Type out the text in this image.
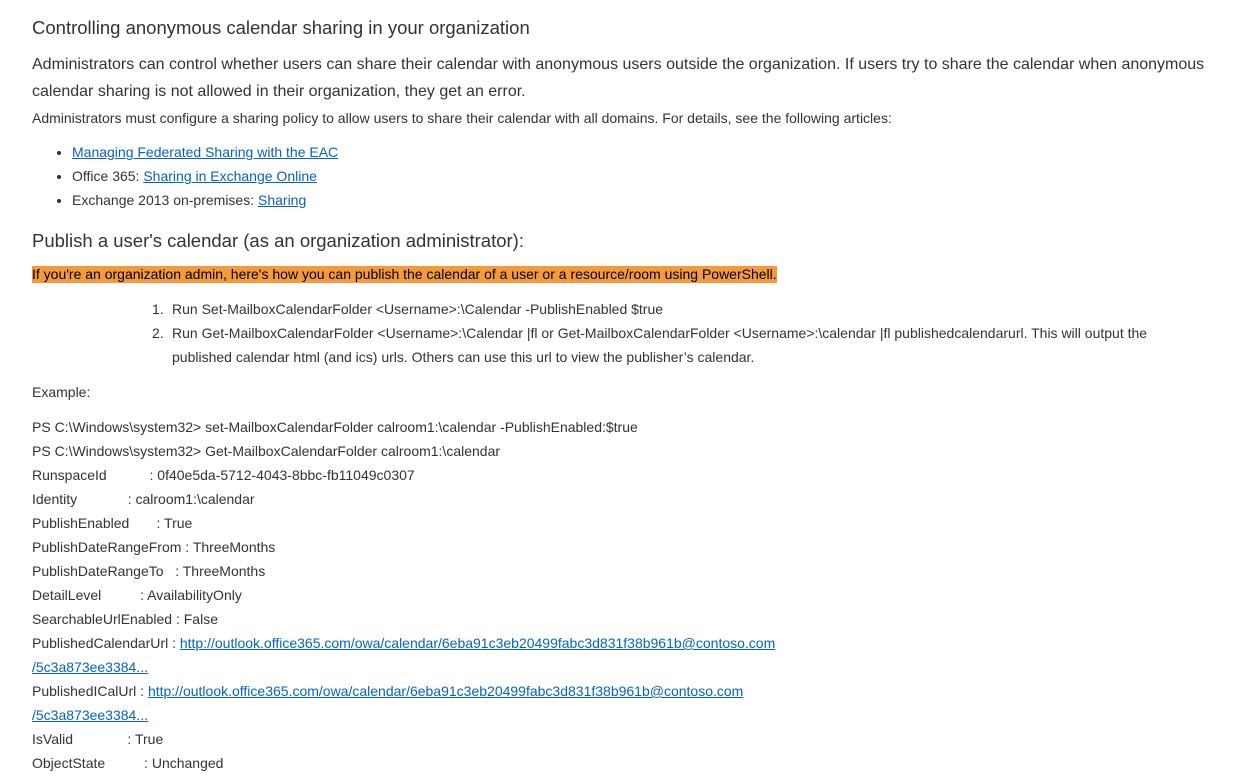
Controlling anonymous calendar sharing in your organization

Administrators can control whether users can share their calendar with anonymous users outside the organization. If users try to share the calendar when anonymous calendar sharing is not allowed in their organization, they get an error.

Administrators must configure a sharing policy to allow users to share their calendar with all domains. For details, see the following articles:

• Managing Federated Sharing with the EAC
• Office 365: Sharing in Exchange Online
• Exchange 2013 on-premises: Sharing
Publish a user's calendar (as an organization administrator):
If you're an organization admin, here's how you can publish the calendar of a user or a resource/room using PowerShell.
1. Run Set-MailboxCalendarFolder <Username>:\Calendar -PublishEnabled $true
2. Run Get-MailboxCalendarFolder <Username>:\Calendar |fl or Get-MailboxCalendarFolder <Username>:\calendar |fl publishedcalendarurl. This will output the published calendar html (and ics) urls. Others can use this url to view the publisher’s calendar.

Example:

PS C:\Windows\system32> set-MailboxCalendarFolder calroom1:\calendar -PublishEnabled:$true
PS C:\Windows\system32> Get-MailboxCalendarFolder calroom1:\calendar
RunspaceId           : 0f40e5da-5712-4043-8bbc-fb11049c0307
Identity             : calroom1:\calendar
PublishEnabled       : True
PublishDateRangeFrom : ThreeMonths
PublishDateRangeTo   : ThreeMonths
DetailLevel          : AvailabilityOnly
SearchableUrlEnabled : False
PublishedCalendarUrl : http://outlook.office365.com/owa/calendar/6eba91c3eb20499fabc3d831f38b961b@contoso.com
/5c3a873ee3384...
PublishedICalUrl : http://outlook.office365.com/owa/calendar/6eba91c3eb20499fabc3d831f38b961b@contoso.com
/5c3a873ee3384...
IsValid              : True
ObjectState          : Unchanged
